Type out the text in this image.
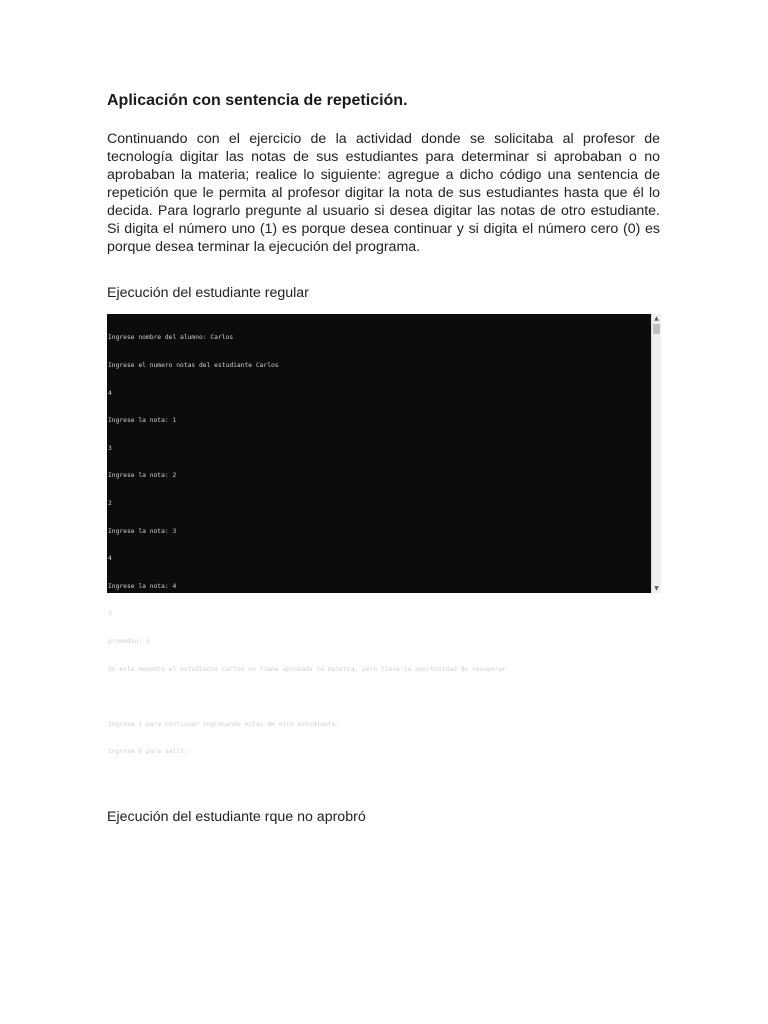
Aplicación con sentencia de repetición.

Continuando con el ejercicio de la actividad donde se solicitaba al profesor de tecnología digitar las notas de sus estudiantes para determinar si aprobaban o no aprobaban la materia; realice lo siguiente: agregue a dicho código una sentencia de repetición que le permita al profesor digitar la nota de sus estudiantes hasta que él lo decida. Para lograrlo pregunte al usuario si desea digitar las notas de otro estudiante. Si digita el número uno (1) es porque desea continuar y si digita el número cero (0) es porque desea terminar la ejecución del programa.

Ejecución del estudiante regular

Ingrese nombre del alumno: Carlos

Ingrese el numero notas del estudiante Carlos

4

Ingrese la nota: 1

3

Ingrese la nota: 2

2

Ingrese la nota: 3

4

Ingrese la nota: 4

3

promedio: 3

En este momento el estudiante Carlos no tiene aprobada la materia, pero tiene la oportunidad de recuperar

Ingrese 1 para continuar ingresando notas de otro estudiante:

Ingrese 0 para salir:

▲
▼

Ejecución del estudiante rque no aprobró
